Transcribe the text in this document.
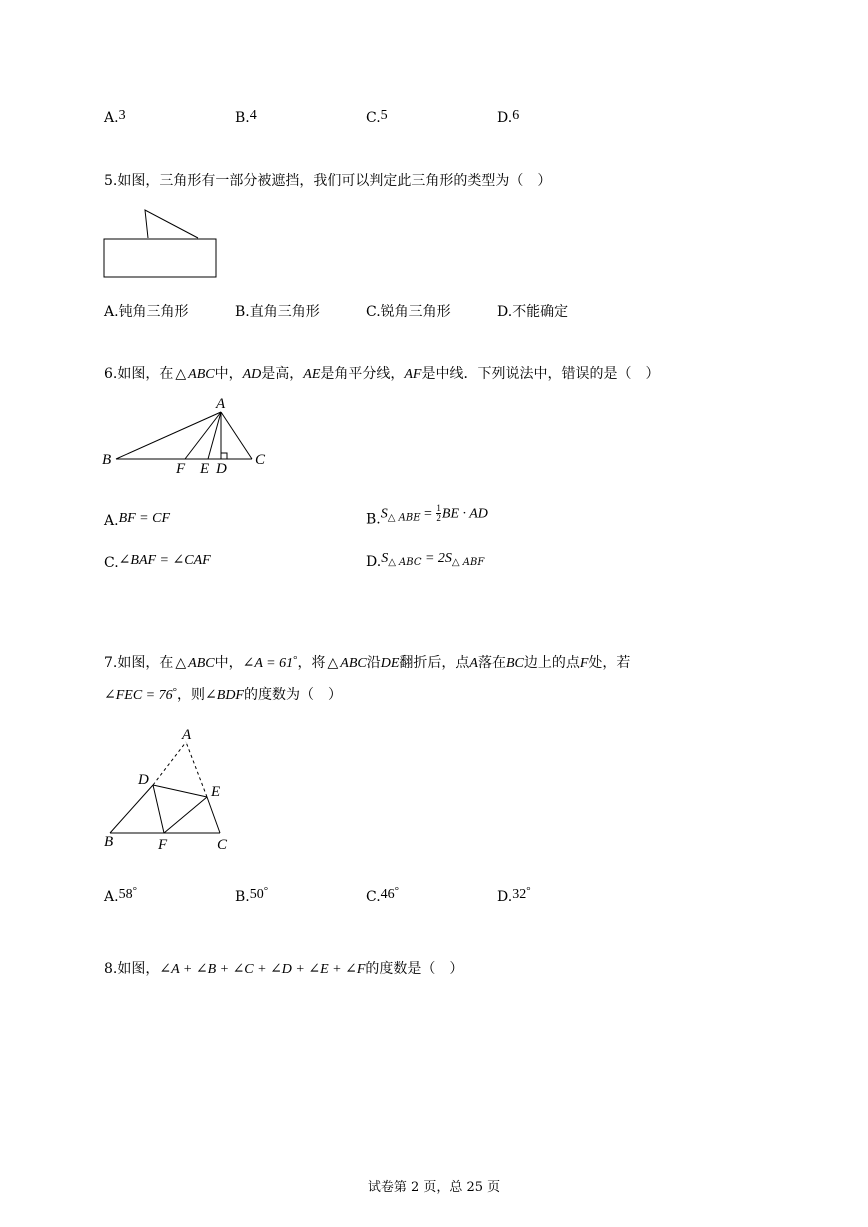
A.3	B.4	C.5	D.6
5.如图，三角形有一部分被遮挡，我们可以判定此三角形的类型为（　）
A.钝角三角形	B.直角三角形	C.锐角三角形	D.不能确定
6.如图，在 △ ABC中，AD是高，AE是角平分线，AF是中线．下列说法中，错误的是（　）
A
B	C
F E D
A.BF = CF	$B.S_{\triangle ABE} = \frac{1}{2}$ BE · AD
C.∠BAF = ∠CAF	$D.S_{\triangle ABC} = 2S_{\triangle ABF}$
7.如图，在 △ ABC中，∠A = 61°，将 △ ABC沿DE翻折后，点A落在BC边上的点F处，若
∠FEC = 76°，则∠BDF的度数为（　）
A
D
E
B	F	C
A.58°	B.50°	C.46°	D.32°
8.如图，∠A + ∠B + ∠C + ∠D + ∠E + ∠F的度数是（　）
试卷第 2 页，总 25 页
